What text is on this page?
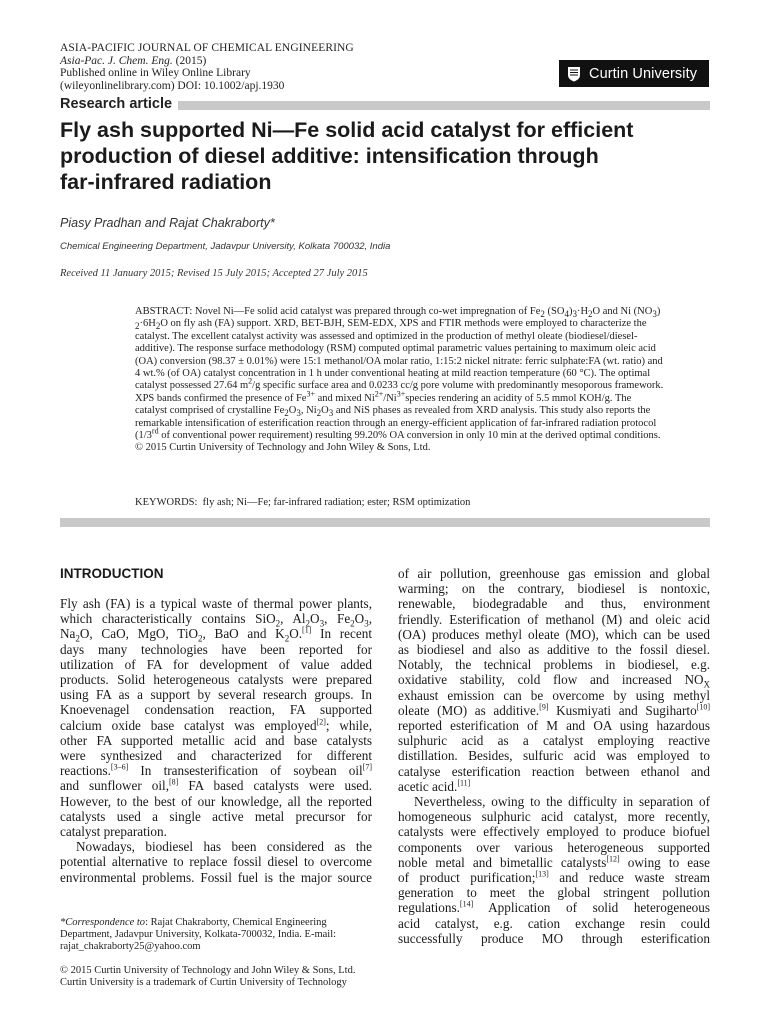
ASIA-PACIFIC JOURNAL OF CHEMICAL ENGINEERING
Asia-Pac. J. Chem. Eng. (2015)
Published online in Wiley Online Library
(wileyonlinelibrary.com) DOI: 10.1002/apj.1930
Curtin University
Research article
Fly ash supported Ni—Fe solid acid catalyst for efficient
production of diesel additive: intensification through
far-infrared radiation
Piasy Pradhan and Rajat Chakraborty*
Chemical Engineering Department, Jadavpur University, Kolkata 700032, India
Received 11 January 2015; Revised 15 July 2015; Accepted 27 July 2015
ABSTRACT: Novel Ni—Fe solid acid catalyst was prepared through co-wet impregnation of $Fe_2$ $(SO_4)_3\cdot H_2O$ and Ni $(NO_3)$
$_2\cdot 6H_2O$ on fly ash (FA) support. XRD, BET-BJH, SEM-EDX, XPS and FTIR methods were employed to characterize the
catalyst. The excellent catalyst activity was assessed and optimized in the production of methyl oleate (biodiesel/diesel-
additive). The response surface methodology (RSM) computed optimal parametric values pertaining to maximum oleic acid
(OA) conversion (98.37 ± 0.01%) were 15:1 methanol/OA molar ratio, 1:15:2 nickel nitrate: ferric sulphate:FA (wt. ratio) and
4 wt.% (of OA) catalyst concentration in 1 h under conventional heating at mild reaction temperature (60 °C). The optimal
catalyst possessed 27.64 $m^2/g$ specific surface area and 0.0233 cc/g pore volume with predominantly mesoporous framework.
XPS bands confirmed the presence of $Fe^{3+}$ and mixed $Ni^{2+}/Ni^{3+}species$ rendering an acidity of 5.5 mmol KOH/g. The
catalyst comprised of crystalline $Fe_2O_3$, $Ni_2O_3$ and NiS phases as revealed from XRD analysis. This study also reports the
remarkable intensification of esterification reaction through an energy-efficient application of far-infrared radiation protocol
(1/3rd of conventional power requirement) resulting 99.20% OA conversion in only 10 min at the derived optimal conditions.
© 2015 Curtin University of Technology and John Wiley & Sons, Ltd.
KEYWORDS: fly ash; Ni—Fe; far-infrared radiation; ester; RSM optimization
INTRODUCTION
Fly ash (FA) is a typical waste of thermal power plants,
which characteristically contains SiO$_2$, $Al_2O_3$, $Fe_2O_3$,
$Na_2O$, CaO, MgO, TiO$_2$, BaO and $K_2O.[1]$ In recent
days many technologies have been reported for
utilization of FA for development of value added
products. Solid heterogeneous catalysts were prepared
using FA as a support by several research groups. In
Knoevenagel condensation reaction, FA supported
calcium oxide base catalyst was employed[2]; while,
other FA supported metallic acid and base catalysts
were synthesized and characterized for different
reactions.[3–6] In transesterification of soybean oil[7]
and sunflower oil,[8] FA based catalysts were used.
However, to the best of our knowledge, all the reported
catalysts used a single active metal precursor for
catalyst preparation.
Nowadays, biodiesel has been considered as the
potential alternative to replace fossil diesel to overcome
environmental problems. Fossil fuel is the major source
*Correspondence to: Rajat Chakraborty, Chemical Engineering
Department, Jadavpur University, Kolkata-700032, India. E-mail:
rajat_chakraborty25@yahoo.com
© 2015 Curtin University of Technology and John Wiley & Sons, Ltd.
Curtin University is a trademark of Curtin University of Technology
of air pollution, greenhouse gas emission and global
warming; on the contrary, biodiesel is nontoxic,
renewable, biodegradable and thus, environment
friendly. Esterification of methanol (M) and oleic acid
(OA) produces methyl oleate (MO), which can be used
as biodiesel and also as additive to the fossil diesel.
Notably, the technical problems in biodiesel, e.g.
oxidative stability, cold flow and increased $NO_X$
exhaust emission can be overcome by using methyl
oleate (MO) as additive.[9] Kusmiyati and Sugiharto[10]
reported esterification of M and OA using hazardous
sulphuric acid as a catalyst employing reactive
distillation. Besides, sulfuric acid was employed to
catalyse esterification reaction between ethanol and
acetic acid.[11]
Nevertheless, owing to the difficulty in separation of
homogeneous sulphuric acid catalyst, more recently,
catalysts were effectively employed to produce biofuel
components over various heterogeneous supported
noble metal and bimetallic catalysts[12] owing to ease
of product purification;[13] and reduce waste stream
generation to meet the global stringent pollution
regulations.[14] Application of solid heterogeneous
acid catalyst, e.g. cation exchange resin could
successfully produce MO through esterification
